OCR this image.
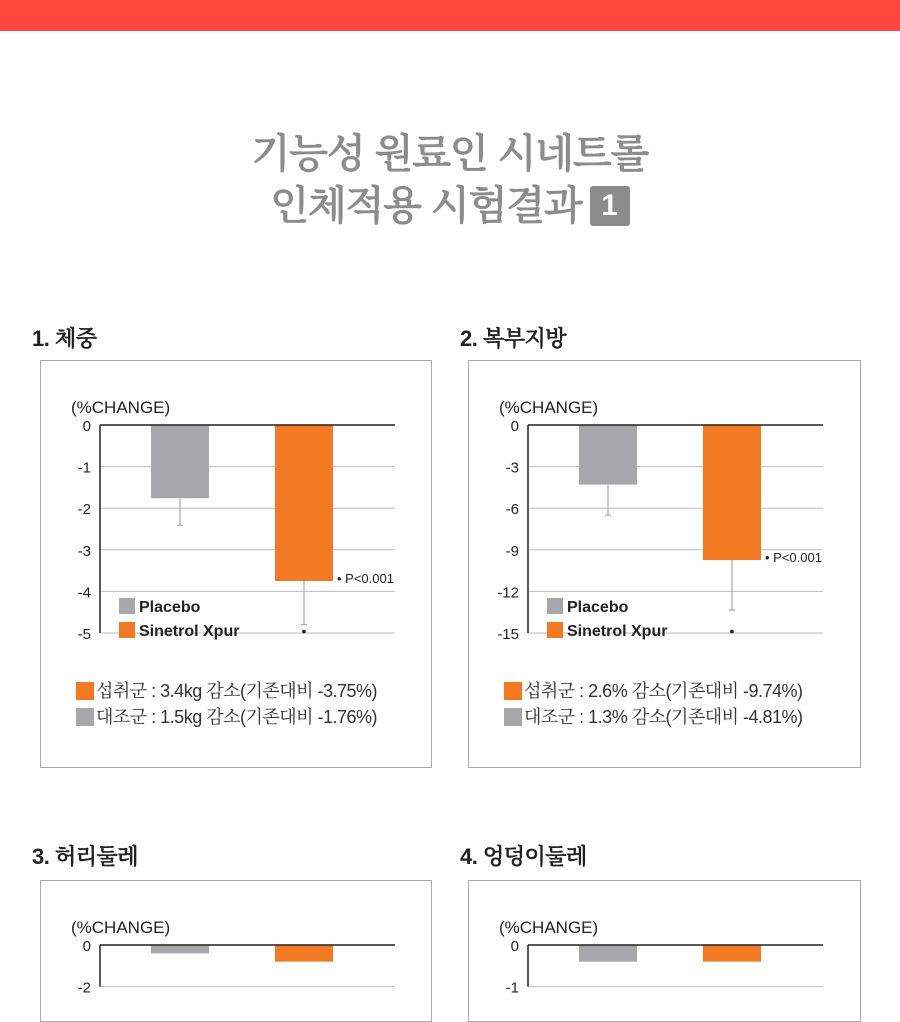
기능성 원료인 시네트롤
인체적용 시험결과 1
1. 체중	2. 복부지방
3. 허리둘레	4. 엉덩이둘레
(%CHANGE)
0
-1
-2
-3
-4
-5	•
• P<0.001
Placebo
Sinetrol Xpur
섭취군 : 3.4kg 감소(기존대비 -3.75%)
대조군 : 1.5kg 감소(기존대비 -1.76%)
(%CHANGE)
0
-3
-6
-9
-12
-15	•
• P<0.001
Placebo
Sinetrol Xpur
섭취군 : 2.6% 감소(기존대비 -9.74%)
대조군 : 1.3% 감소(기존대비 -4.81%)
(%CHANGE)
0
-2
(%CHANGE)
0
-1
